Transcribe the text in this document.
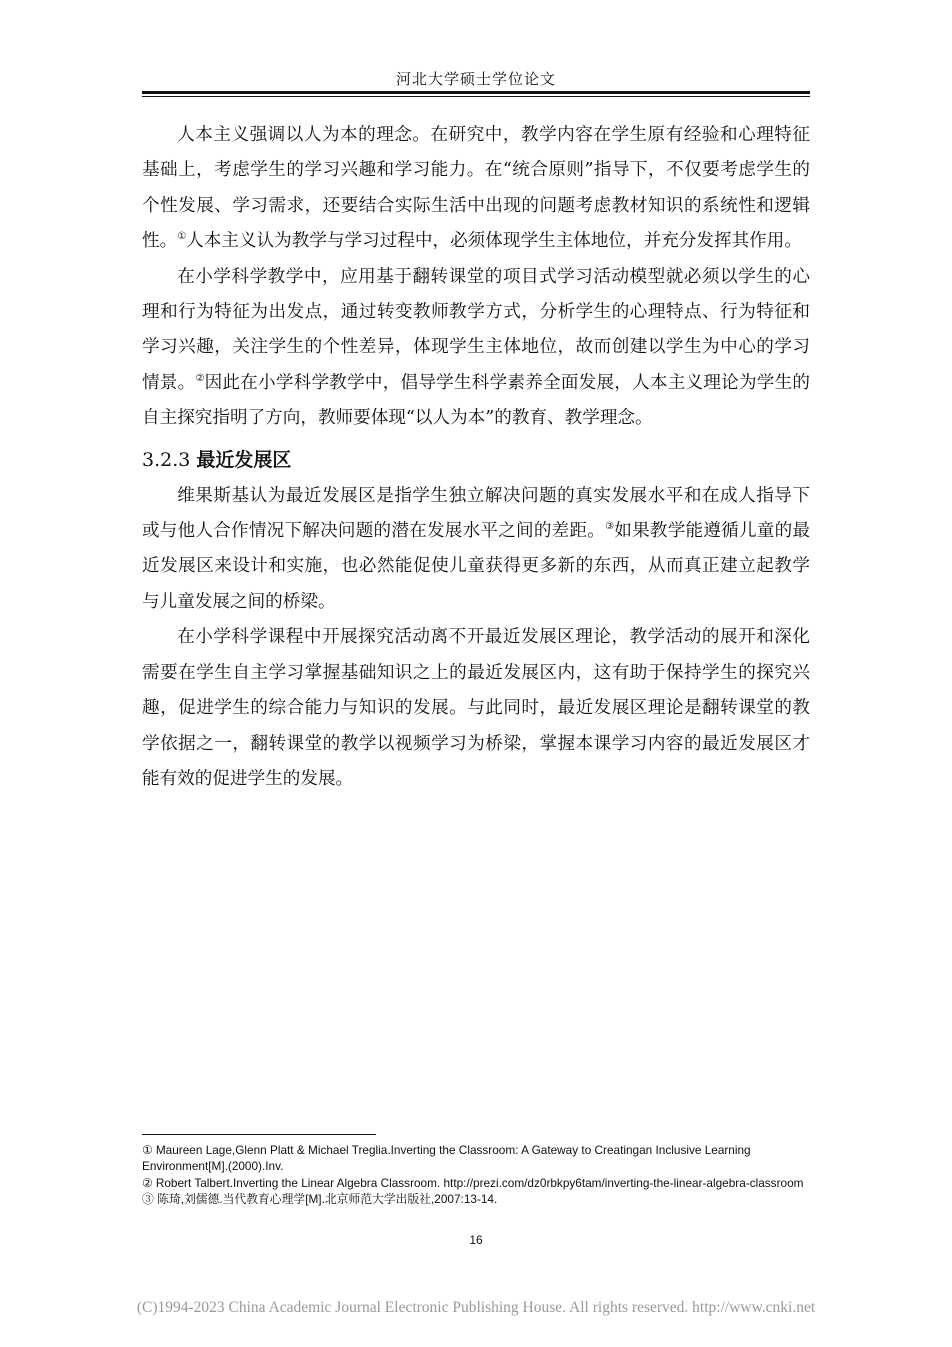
河北大学硕士学位论文

人本主义强调以人为本的理念。在研究中，教学内容在学生原有经验和心理特征基础上，考虑学生的学习兴趣和学习能力。在“统合原则”指导下，不仅要考虑学生的个性发展、学习需求，还要结合实际生活中出现的问题考虑教材知识的系统性和逻辑性。①人本主义认为教学与学习过程中，必须体现学生主体地位，并充分发挥其作用。

在小学科学教学中，应用基于翻转课堂的项目式学习活动模型就必须以学生的心理和行为特征为出发点，通过转变教师教学方式，分析学生的心理特点、行为特征和学习兴趣，关注学生的个性差异，体现学生主体地位，故而创建以学生为中心的学习情景。②因此在小学科学教学中，倡导学生科学素养全面发展，人本主义理论为学生的自主探究指明了方向，教师要体现“以人为本”的教育、教学理念。

3.2.3 最近发展区

维果斯基认为最近发展区是指学生独立解决问题的真实发展水平和在成人指导下或与他人合作情况下解决问题的潜在发展水平之间的差距。③如果教学能遵循儿童的最近发展区来设计和实施，也必然能促使儿童获得更多新的东西，从而真正建立起教学与儿童发展之间的桥梁。

在小学科学课程中开展探究活动离不开最近发展区理论，教学活动的展开和深化需要在学生自主学习掌握基础知识之上的最近发展区内，这有助于保持学生的探究兴趣，促进学生的综合能力与知识的发展。与此同时，最近发展区理论是翻转课堂的教学依据之一，翻转课堂的教学以视频学习为桥梁，掌握本课学习内容的最近发展区才能有效的促进学生的发展。

① Maureen Lage,Glenn Platt & Michael Treglia.Inverting the Classroom: A Gateway to Creatingan Inclusive Learning Environment[M].(2000).Inv.

② Robert Talbert.Inverting the Linear Algebra Classroom. http://prezi.com/dz0rbkpy6tam/inverting-the-linear-algebra-classroom

③ 陈琦,刘儒德.当代教育心理学[M].北京师范大学出版社,2007:13-14.

16
(C)1994-2023 China Academic Journal Electronic Publishing House. All rights reserved. http://www.cnki.net
